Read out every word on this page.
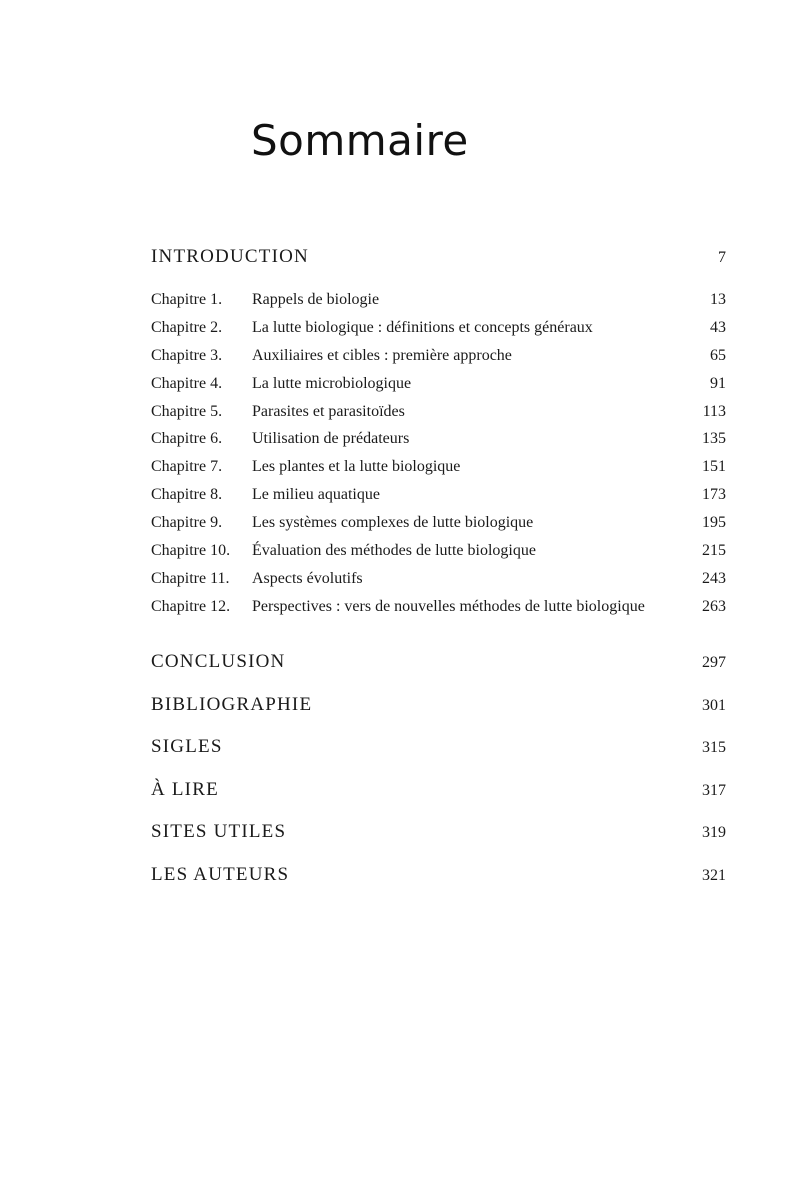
Sommaire
INTRODUCTION	7
Chapitre 1.	Rappels de biologie	13
Chapitre 2.	La lutte biologique : définitions et concepts généraux	43
Chapitre 3.	Auxiliaires et cibles : première approche	65
Chapitre 4.	La lutte microbiologique	91
Chapitre 5.	Parasites et parasitoïdes	113
Chapitre 6.	Utilisation de prédateurs	135
Chapitre 7.	Les plantes et la lutte biologique	151
Chapitre 8.	Le milieu aquatique	173
Chapitre 9.	Les systèmes complexes de lutte biologique	195
Chapitre 10.	Évaluation des méthodes de lutte biologique	215
Chapitre 11.	Aspects évolutifs	243
Chapitre 12.	Perspectives : vers de nouvelles méthodes de lutte biologique	263
CONCLUSION	297
BIBLIOGRAPHIE	301
SIGLES	315
À LIRE	317
SITES UTILES	319
LES AUTEURS	321
